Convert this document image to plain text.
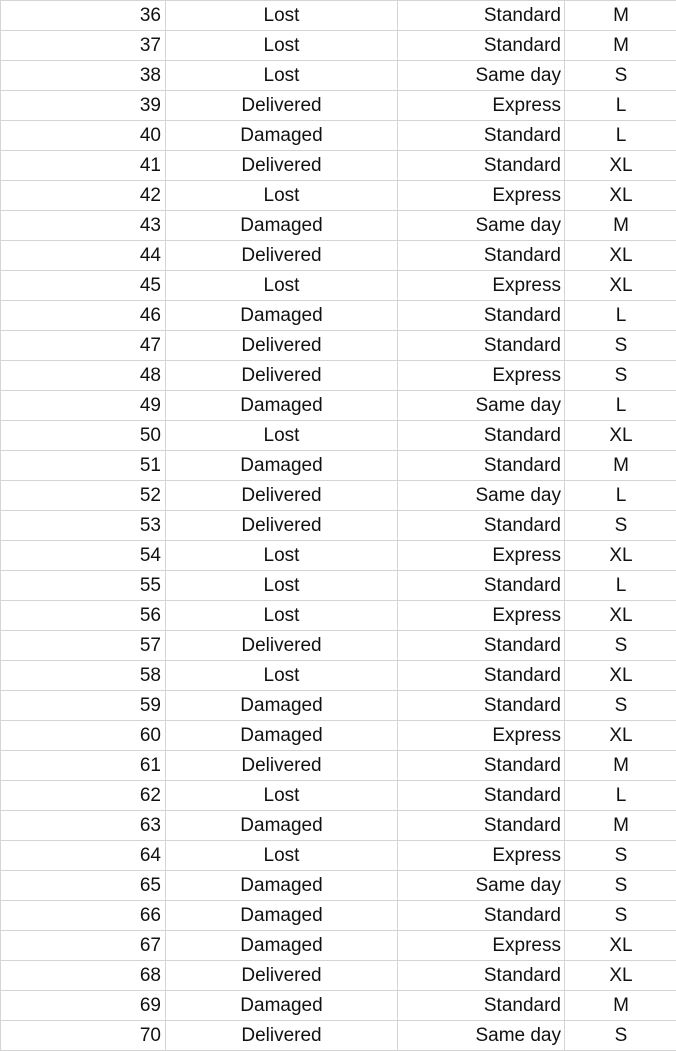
36	Lost	Standard	M
37	Lost	Standard	M
38	Lost	Same day	S
39	Delivered	Express	L
40	Damaged	Standard	L
41	Delivered	Standard	XL
42	Lost	Express	XL
43	Damaged	Same day	M
44	Delivered	Standard	XL
45	Lost	Express	XL
46	Damaged	Standard	L
47	Delivered	Standard	S
48	Delivered	Express	S
49	Damaged	Same day	L
50	Lost	Standard	XL
51	Damaged	Standard	M
52	Delivered	Same day	L
53	Delivered	Standard	S
54	Lost	Express	XL
55	Lost	Standard	L
56	Lost	Express	XL
57	Delivered	Standard	S
58	Lost	Standard	XL
59	Damaged	Standard	S
60	Damaged	Express	XL
61	Delivered	Standard	M
62	Lost	Standard	L
63	Damaged	Standard	M
64	Lost	Express	S
65	Damaged	Same day	S
66	Damaged	Standard	S
67	Damaged	Express	XL
68	Delivered	Standard	XL
69	Damaged	Standard	M
70	Delivered	Same day	S
